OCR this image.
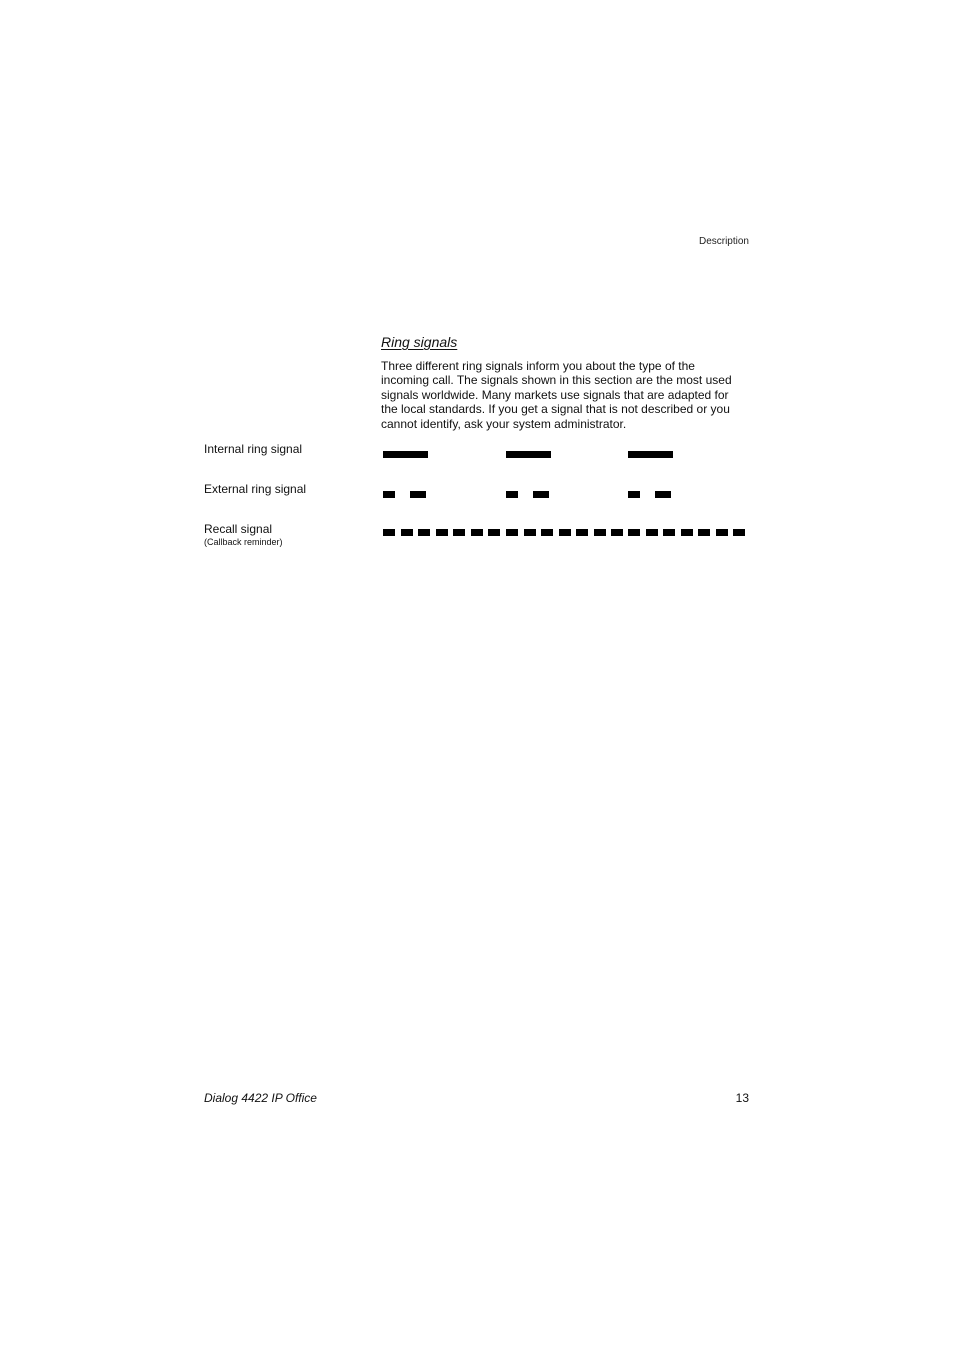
Description
Ring signals

Three different ring signals inform you about the type of the
incoming call. The signals shown in this section are the most used
signals worldwide. Many markets use signals that are adapted for
the local standards. If you get a signal that is not described or you
cannot identify, ask your system administrator.

Internal ring signal
External ring signal
Recall signal
(Callback reminder)
Dialog 4422 IP Office	13
